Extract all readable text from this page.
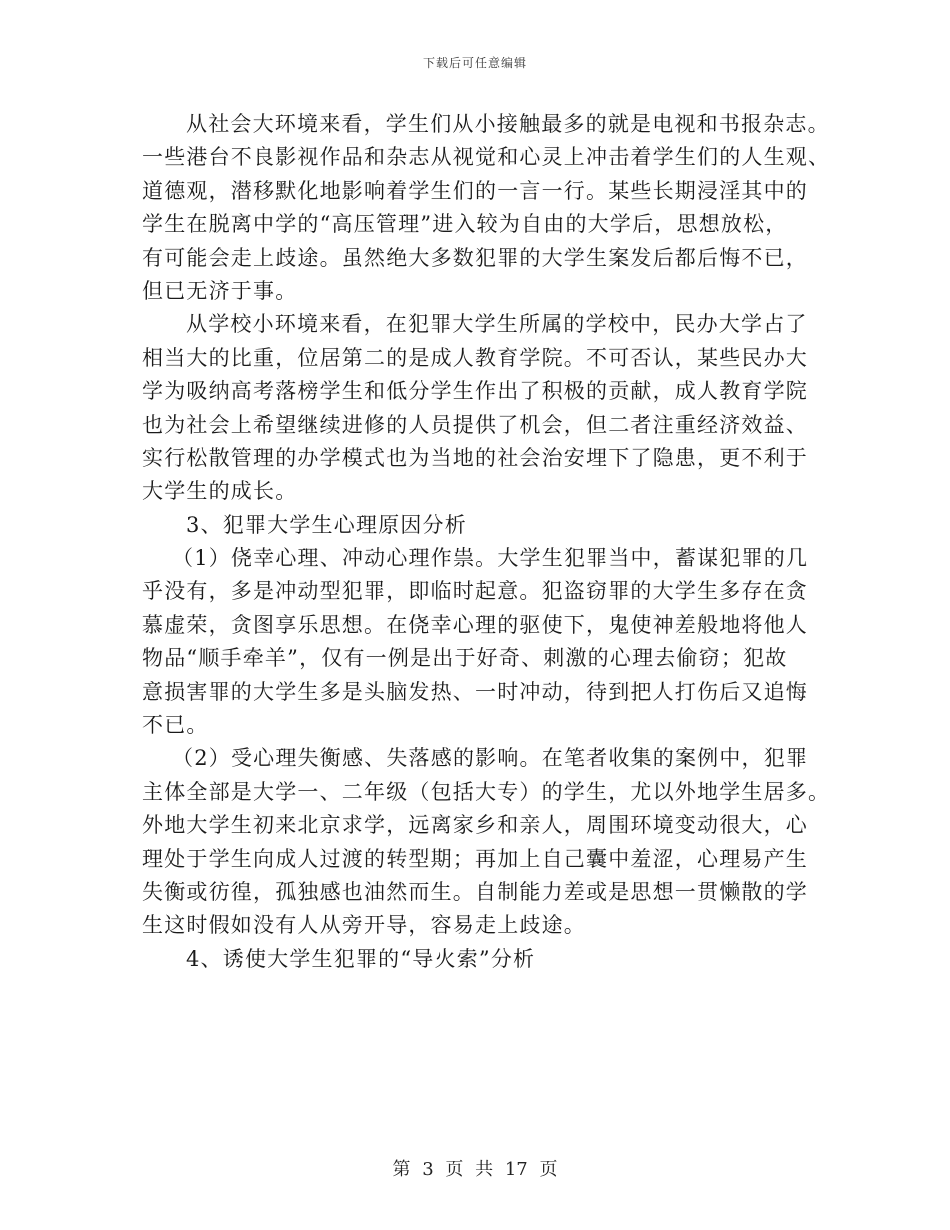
下载后可任意编辑
从社会大环境来看，学生们从小接触最多的就是电视和书报杂志。
一些港台不良影视作品和杂志从视觉和心灵上冲击着学生们的人生观、
道德观，潜移默化地影响着学生们的一言一行。某些长期浸淫其中的
学生在脱离中学的“高压管理”进入较为自由的大学后，思想放松，
有可能会走上歧途。虽然绝大多数犯罪的大学生案发后都后悔不已，
但已无济于事。
从学校小环境来看，在犯罪大学生所属的学校中，民办大学占了
相当大的比重，位居第二的是成人教育学院。不可否认，某些民办大
学为吸纳高考落榜学生和低分学生作出了积极的贡献，成人教育学院
也为社会上希望继续进修的人员提供了机会，但二者注重经济效益、
实行松散管理的办学模式也为当地的社会治安埋下了隐患，更不利于
大学生的成长。
3、犯罪大学生心理原因分析
（1）侥幸心理、冲动心理作祟。大学生犯罪当中，蓄谋犯罪的几
乎没有，多是冲动型犯罪，即临时起意。犯盗窃罪的大学生多存在贪
慕虚荣，贪图享乐思想。在侥幸心理的驱使下，鬼使神差般地将他人
物品“顺手牵羊”，仅有一例是出于好奇、刺激的心理去偷窃；犯故
意损害罪的大学生多是头脑发热、一时冲动，待到把人打伤后又追悔
不已。
（2）受心理失衡感、失落感的影响。在笔者收集的案例中，犯罪
主体全部是大学一、二年级（包括大专）的学生，尤以外地学生居多。
外地大学生初来北京求学，远离家乡和亲人，周围环境变动很大，心
理处于学生向成人过渡的转型期；再加上自己囊中羞涩，心理易产生
失衡或彷徨，孤独感也油然而生。自制能力差或是思想一贯懒散的学
生这时假如没有人从旁开导，容易走上歧途。
4、诱使大学生犯罪的“导火索”分析
第 3 页 共 17 页
